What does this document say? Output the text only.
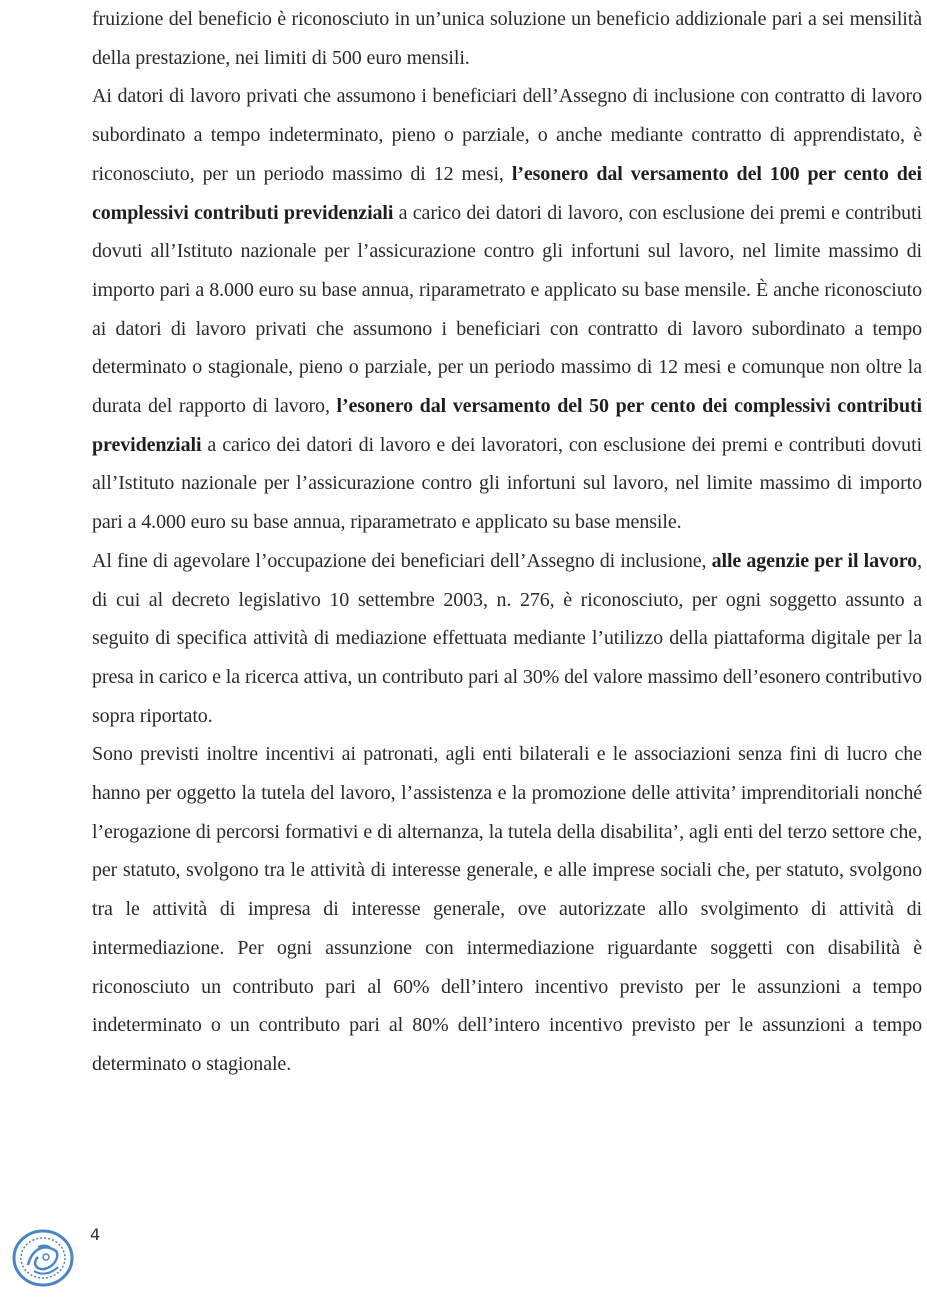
fruizione del beneficio è riconosciuto in un’unica soluzione un beneficio addizionale pari a sei mensilità della prestazione, nei limiti di 500 euro mensili.

Ai datori di lavoro privati che assumono i beneficiari dell’Assegno di inclusione con contratto di lavoro subordinato a tempo indeterminato, pieno o parziale, o anche mediante contratto di apprendistato, è riconosciuto, per un periodo massimo di 12 mesi, l’esonero dal versamento del 100 per cento dei complessivi contributi previdenziali a carico dei datori di lavoro, con esclusione dei premi e contributi dovuti all’Istituto nazionale per l’assicurazione contro gli infortuni sul lavoro, nel limite massimo di importo pari a 8.000 euro su base annua, riparametrato e applicato su base mensile. È anche riconosciuto ai datori di lavoro privati che assumono i beneficiari con contratto di lavoro subordinato a tempo determinato o stagionale, pieno o parziale, per un periodo massimo di 12 mesi e comunque non oltre la durata del rapporto di lavoro, l’esonero dal versamento del 50 per cento dei complessivi contributi previdenziali a carico dei datori di lavoro e dei lavoratori, con esclusione dei premi e contributi dovuti all’Istituto nazionale per l’assicurazione contro gli infortuni sul lavoro, nel limite massimo di importo pari a 4.000 euro su base annua, riparametrato e applicato su base mensile.

Al fine di agevolare l’occupazione dei beneficiari dell’Assegno di inclusione, alle agenzie per il lavoro, di cui al decreto legislativo 10 settembre 2003, n. 276, è riconosciuto, per ogni soggetto assunto a seguito di specifica attività di mediazione effettuata mediante l’utilizzo della piattaforma digitale per la presa in carico e la ricerca attiva, un contributo pari al 30% del valore massimo dell’esonero contributivo sopra riportato.

Sono previsti inoltre incentivi ai patronati, agli enti bilaterali e le associazioni senza fini di lucro che hanno per oggetto la tutela del lavoro, l’assistenza e la promozione delle attivita’ imprenditoriali nonché l’erogazione di percorsi formativi e di alternanza, la tutela della disabilita’, agli enti del terzo settore che, per statuto, svolgono tra le attività di interesse generale, e alle imprese sociali che, per statuto, svolgono tra le attività di impresa di interesse generale, ove autorizzate allo svolgimento di attività di intermediazione. Per ogni assunzione con intermediazione riguardante soggetti con disabilità è riconosciuto un contributo pari al 60% dell’intero incentivo previsto per le assunzioni a tempo indeterminato o un contributo pari al 80% dell’intero incentivo previsto per le assunzioni a tempo determinato o stagionale.

4
